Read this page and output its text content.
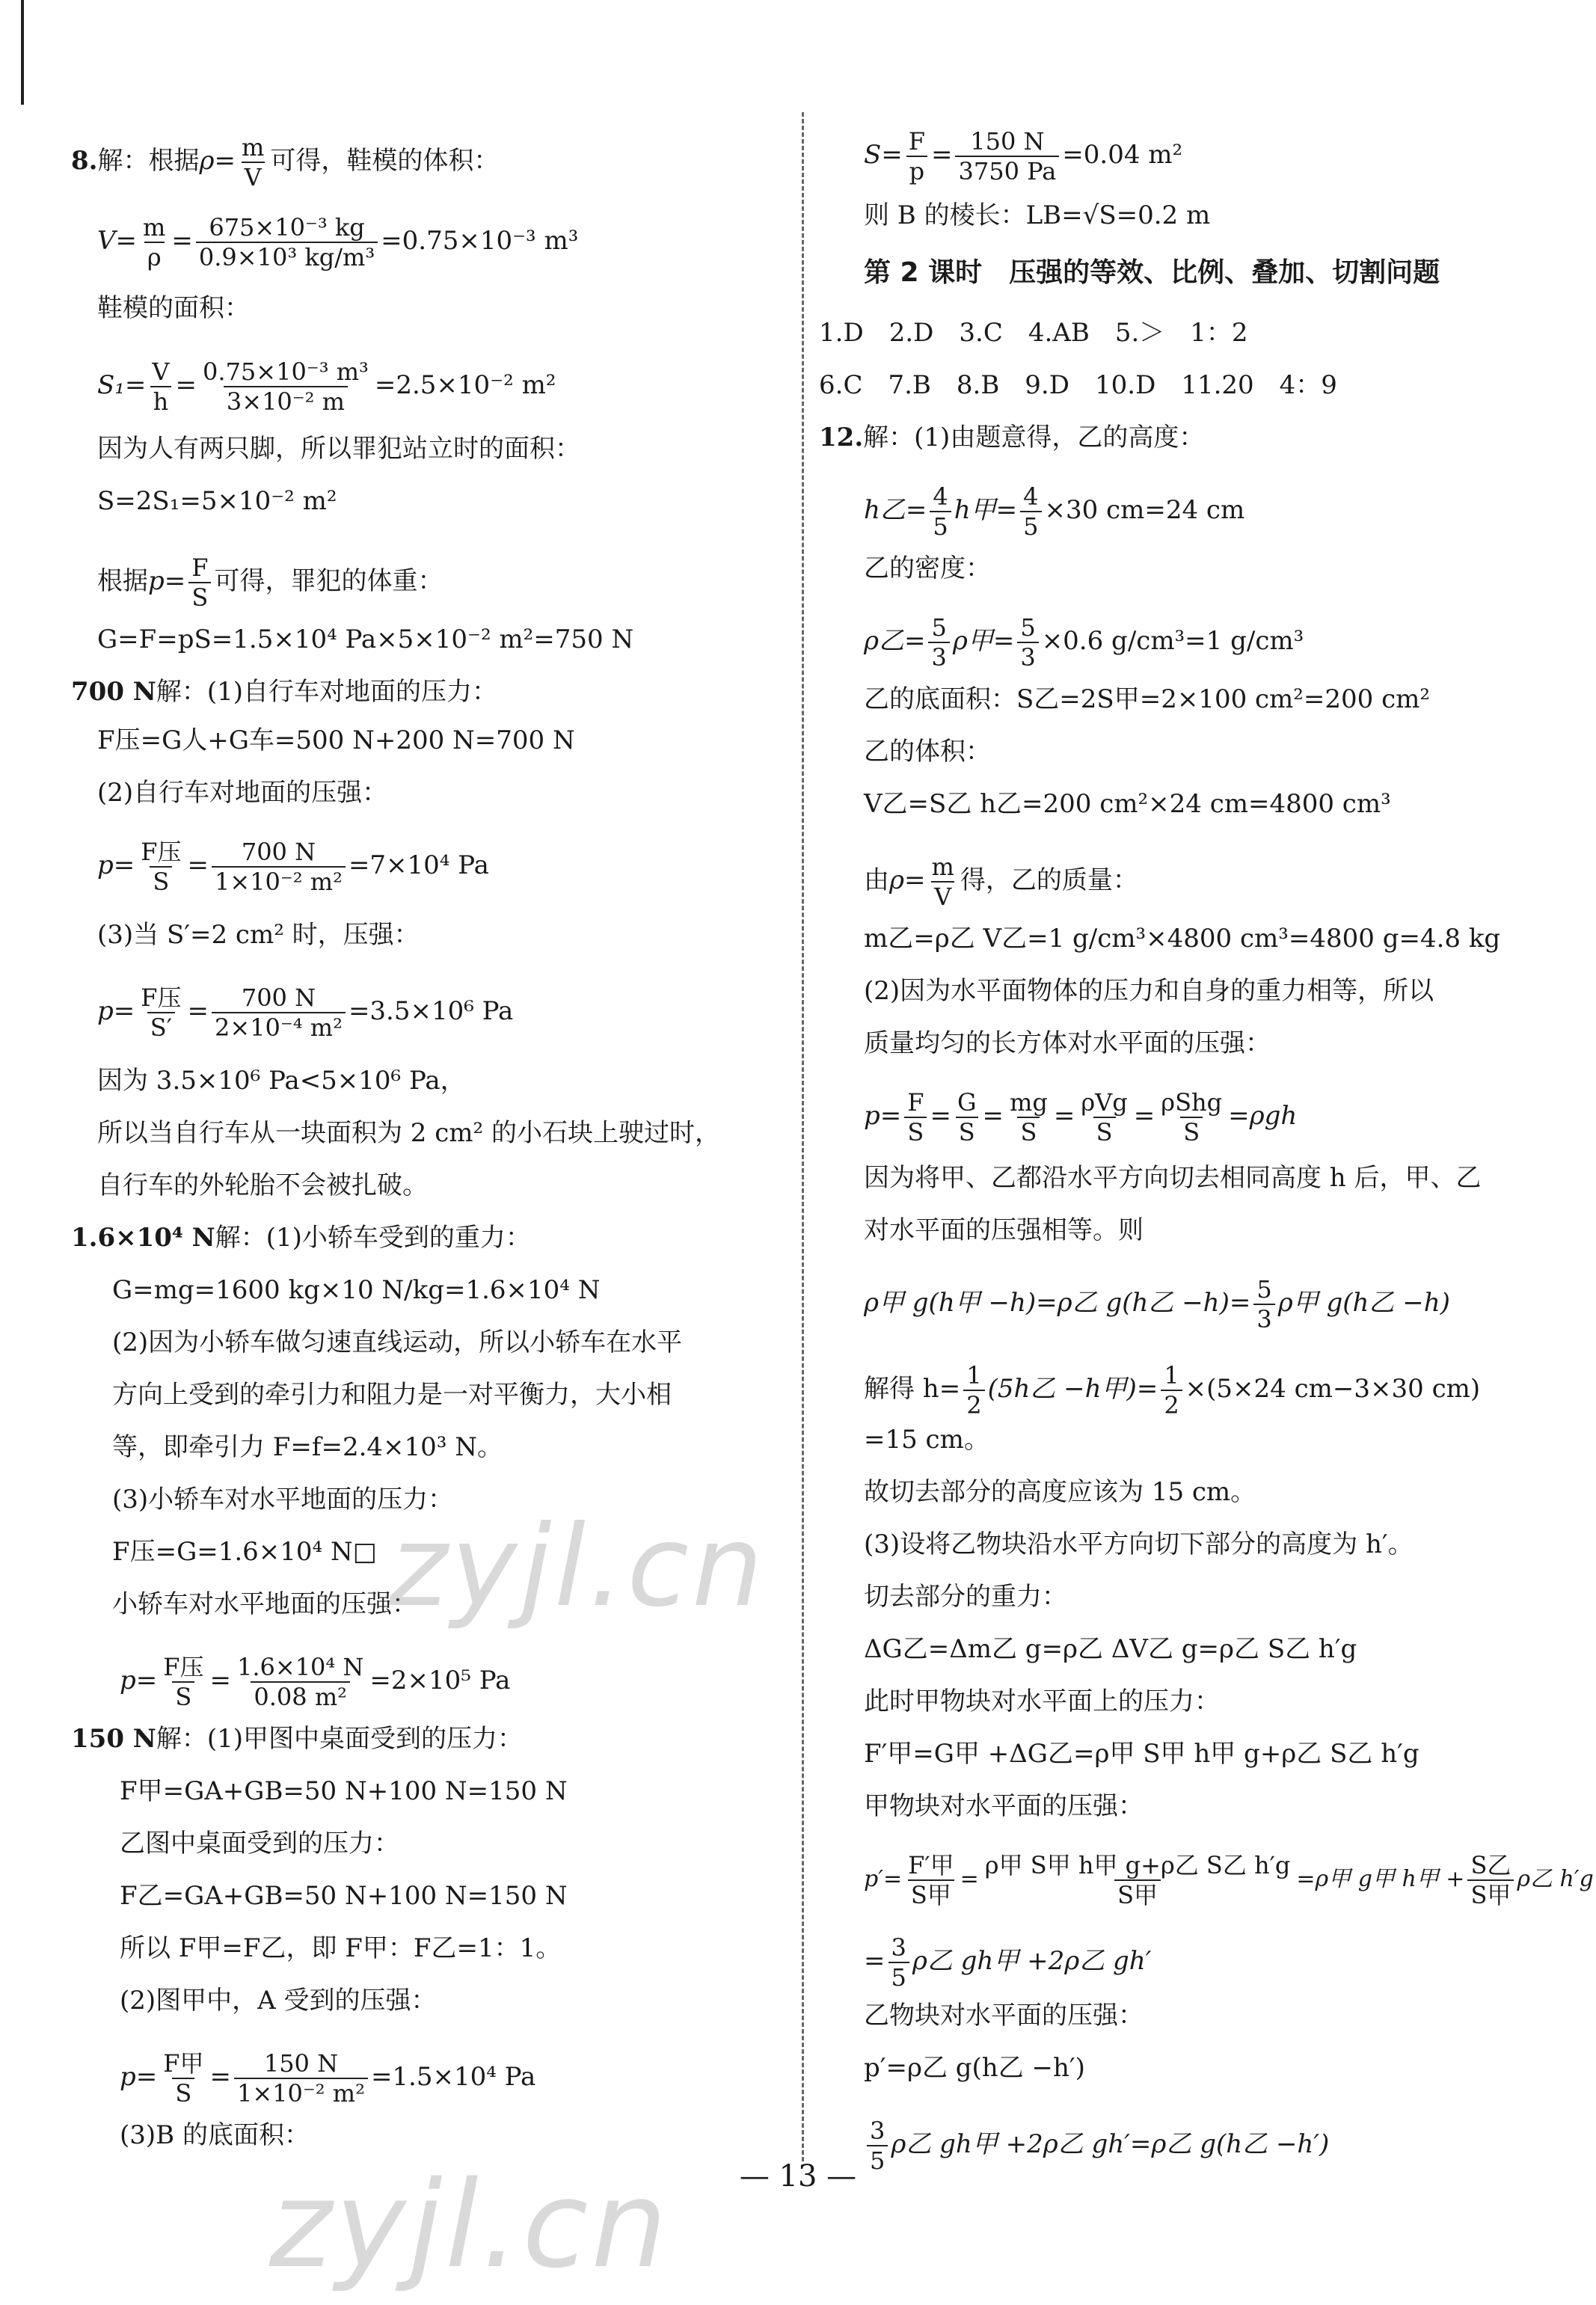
8.解：根据$\rho= \frac{m}{V}$ 可得，鞋模的体积：
$V= \frac{m}{\rho} = \frac{\text{675×10⁻³ kg}}{\text{0.9×10³ kg/m³}} =0.75\times 10^{-3}$ m³
鞋模的面积：
$S_1= \frac{V}{h} = \frac{\text{0.75×10⁻³ m³}}{\text{3×10⁻² m}} =2.5\times 10^{-2}$ m²
因为人有两只脚，所以罪犯站立时的面积：
S=2S₁=5×10⁻² m²
根据$p= \frac{F}{S}$ 可得，罪犯的体重：
G=F=pS=1.5×10⁴ Pa×5×10⁻² m²=750 N
700 N解：(1)自行车对地面的压力：
F压=G人+G车=500 N+200 N=700 N
(2)自行车对地面的压强：
$p= \frac{\text{F压}}{S} = \frac{700 N}{\text{1×10⁻² m²}} =7\times 10^4$ Pa
(3)当 S′=2 cm² 时，压强：
$p= \frac{\text{F压}}{S'} = \frac{700 N}{\text{2×10⁻⁴ m²}} =3.5\times 10^6$ Pa
因为 3.5×10⁶ Pa<5×10⁶ Pa，
所以当自行车从一块面积为 2 cm² 的小石块上驶过时，
自行车的外轮胎不会被扎破。
1.6×10⁴ N解：(1)小轿车受到的重力：
G=mg=1600 kg×10 N/kg=1.6×10⁴ N
(2)因为小轿车做匀速直线运动，所以小轿车在水平
方向上受到的牵引力和阻力是一对平衡力，大小相
等，即牵引力 F=f=2.4×10³ N。
(3)小轿车对水平地面的压力：
F压=G=1.6×10⁴ N□
小轿车对水平地面的压强：
$p= \frac{\text{F压}}{S} = \frac{\text{1.6×10⁴ N}}{\text{0.08 m²}} =2\times 10^5$ Pa
150 N解：(1)甲图中桌面受到的压力：
F甲=GA+GB=50 N+100 N=150 N
乙图中桌面受到的压力：
F乙=GA+GB=50 N+100 N=150 N
所以 F甲=F乙，即 F甲：F乙=1：1。
(2)图甲中，A 受到的压强：
$p= \frac{\text{F甲}}{S} = \frac{150 N}{\text{1×10⁻² m²}} =1.5\times 10^4$ Pa
(3)B 的底面积：
$S= \frac{F}{p} = \frac{150 N}{3750 Pa} =0.04$ m²
则 B 的棱长：LB=√S=0.2 m
第 2 课时　压强的等效、比例、叠加、切割问题
1.D　2.D　3.C　4.AB　5.＞　1：2
6.C　7.B　8.B　9.D　10.D　11.20　4：9
12.解：(1)由题意得，乙的高度：
h乙= $\frac{4}{5}$ h甲= $\frac{4}{5} \times 30$ cm=24 cm
乙的密度：
ρ乙= $\frac{5}{3}$ ρ甲= $\frac{5}{3} \times 0.6$ g/cm³=1 g/cm³
乙的底面积：S乙=2S甲=2×100 cm²=200 cm²
乙的体积：
V乙=S乙 h乙=200 cm²×24 cm=4800 cm³
由$\rho= \frac{m}{V}$ 得，乙的质量：
m乙=ρ乙 V乙=1 g/cm³×4800 cm³=4800 g=4.8 kg
(2)因为水平面物体的压力和自身的重力相等，所以
质量均匀的长方体对水平面的压强：
$p= \frac{F}{S} = \frac{G}{S} = \frac{mg}{S} = \frac{\text{ρVg}}{S} = \frac{\text{ρShg}}{S} =\rho gh$
因为将甲、乙都沿水平方向切去相同高度 h 后，甲、乙
对水平面的压强相等。则
ρ甲 g(h甲 −h)=ρ乙 g(h乙 $-h)= \frac{5}{3}$ ρ甲 g(h乙 −h)
解得 $h= \frac{1}{2} (5h$乙 −h甲)= $\frac{1}{2} \times(5\times 24$ cm−3×30 cm)
=15 cm。
故切去部分的高度应该为 15 cm。
(3)设将乙物块沿水平方向切下部分的高度为 h′。
切去部分的重力：
ΔG乙=Δm乙 g=ρ乙 ΔV乙 g=ρ乙 S乙 h′g
此时甲物块对水平面上的压力：
F′甲=G甲 +ΔG乙=ρ甲 S甲 h甲 g+ρ乙 S乙 h′g
甲物块对水平面的压强：
$p'= \frac{\text{F′甲}}{\text{S甲}} = \frac{\text{ρ甲 S甲 h甲 g+ρ乙 S乙 h′g}}{\text{S甲}} =\rho$甲 g甲 h甲 + $\frac{\text{S乙}}{\text{S甲}}$ ρ乙 h′g
= $\frac{3}{5}$ ρ乙 gh甲 +2ρ乙 gh′
乙物块对水平面的压强：
p′=ρ乙 g(h乙 −h′)
$\frac{3}{5}$ ρ乙 gh甲 +2ρ乙 gh′=ρ乙 g(h乙 −h′)
zyjl.cn
zyjl.cn	— 13 —
